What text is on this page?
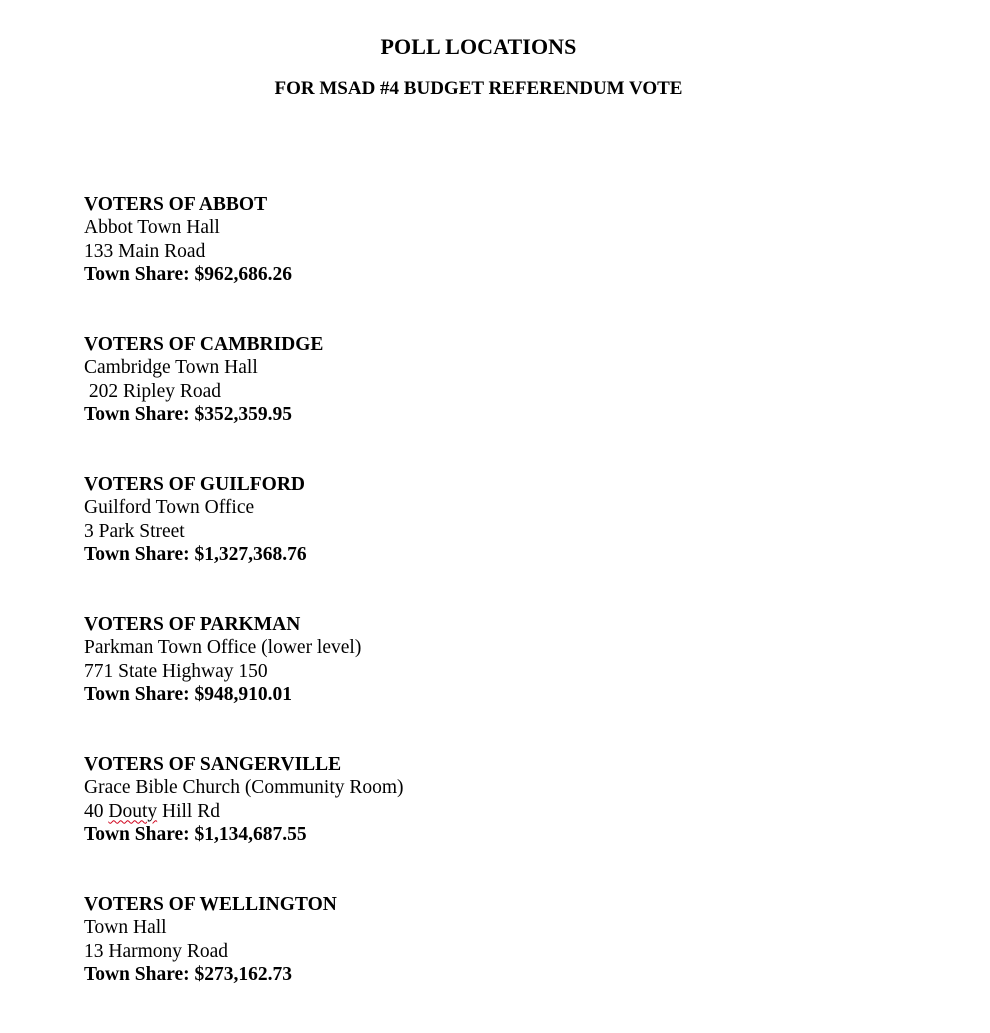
POLL LOCATIONS
FOR MSAD #4 BUDGET REFERENDUM VOTE
VOTERS OF ABBOT
Abbot Town Hall
133 Main Road
Town Share: $962,686.26
VOTERS OF CAMBRIDGE
Cambridge Town Hall
202 Ripley Road
Town Share: $352,359.95
VOTERS OF GUILFORD
Guilford Town Office
3 Park Street
Town Share: $1,327,368.76
VOTERS OF PARKMAN
Parkman Town Office (lower level)
771 State Highway 150
Town Share: $948,910.01
VOTERS OF SANGERVILLE
Grace Bible Church (Community Room)
40 Douty Hill Rd
Town Share: $1,134,687.55
VOTERS OF WELLINGTON
Town Hall
13 Harmony Road
Town Share: $273,162.73
